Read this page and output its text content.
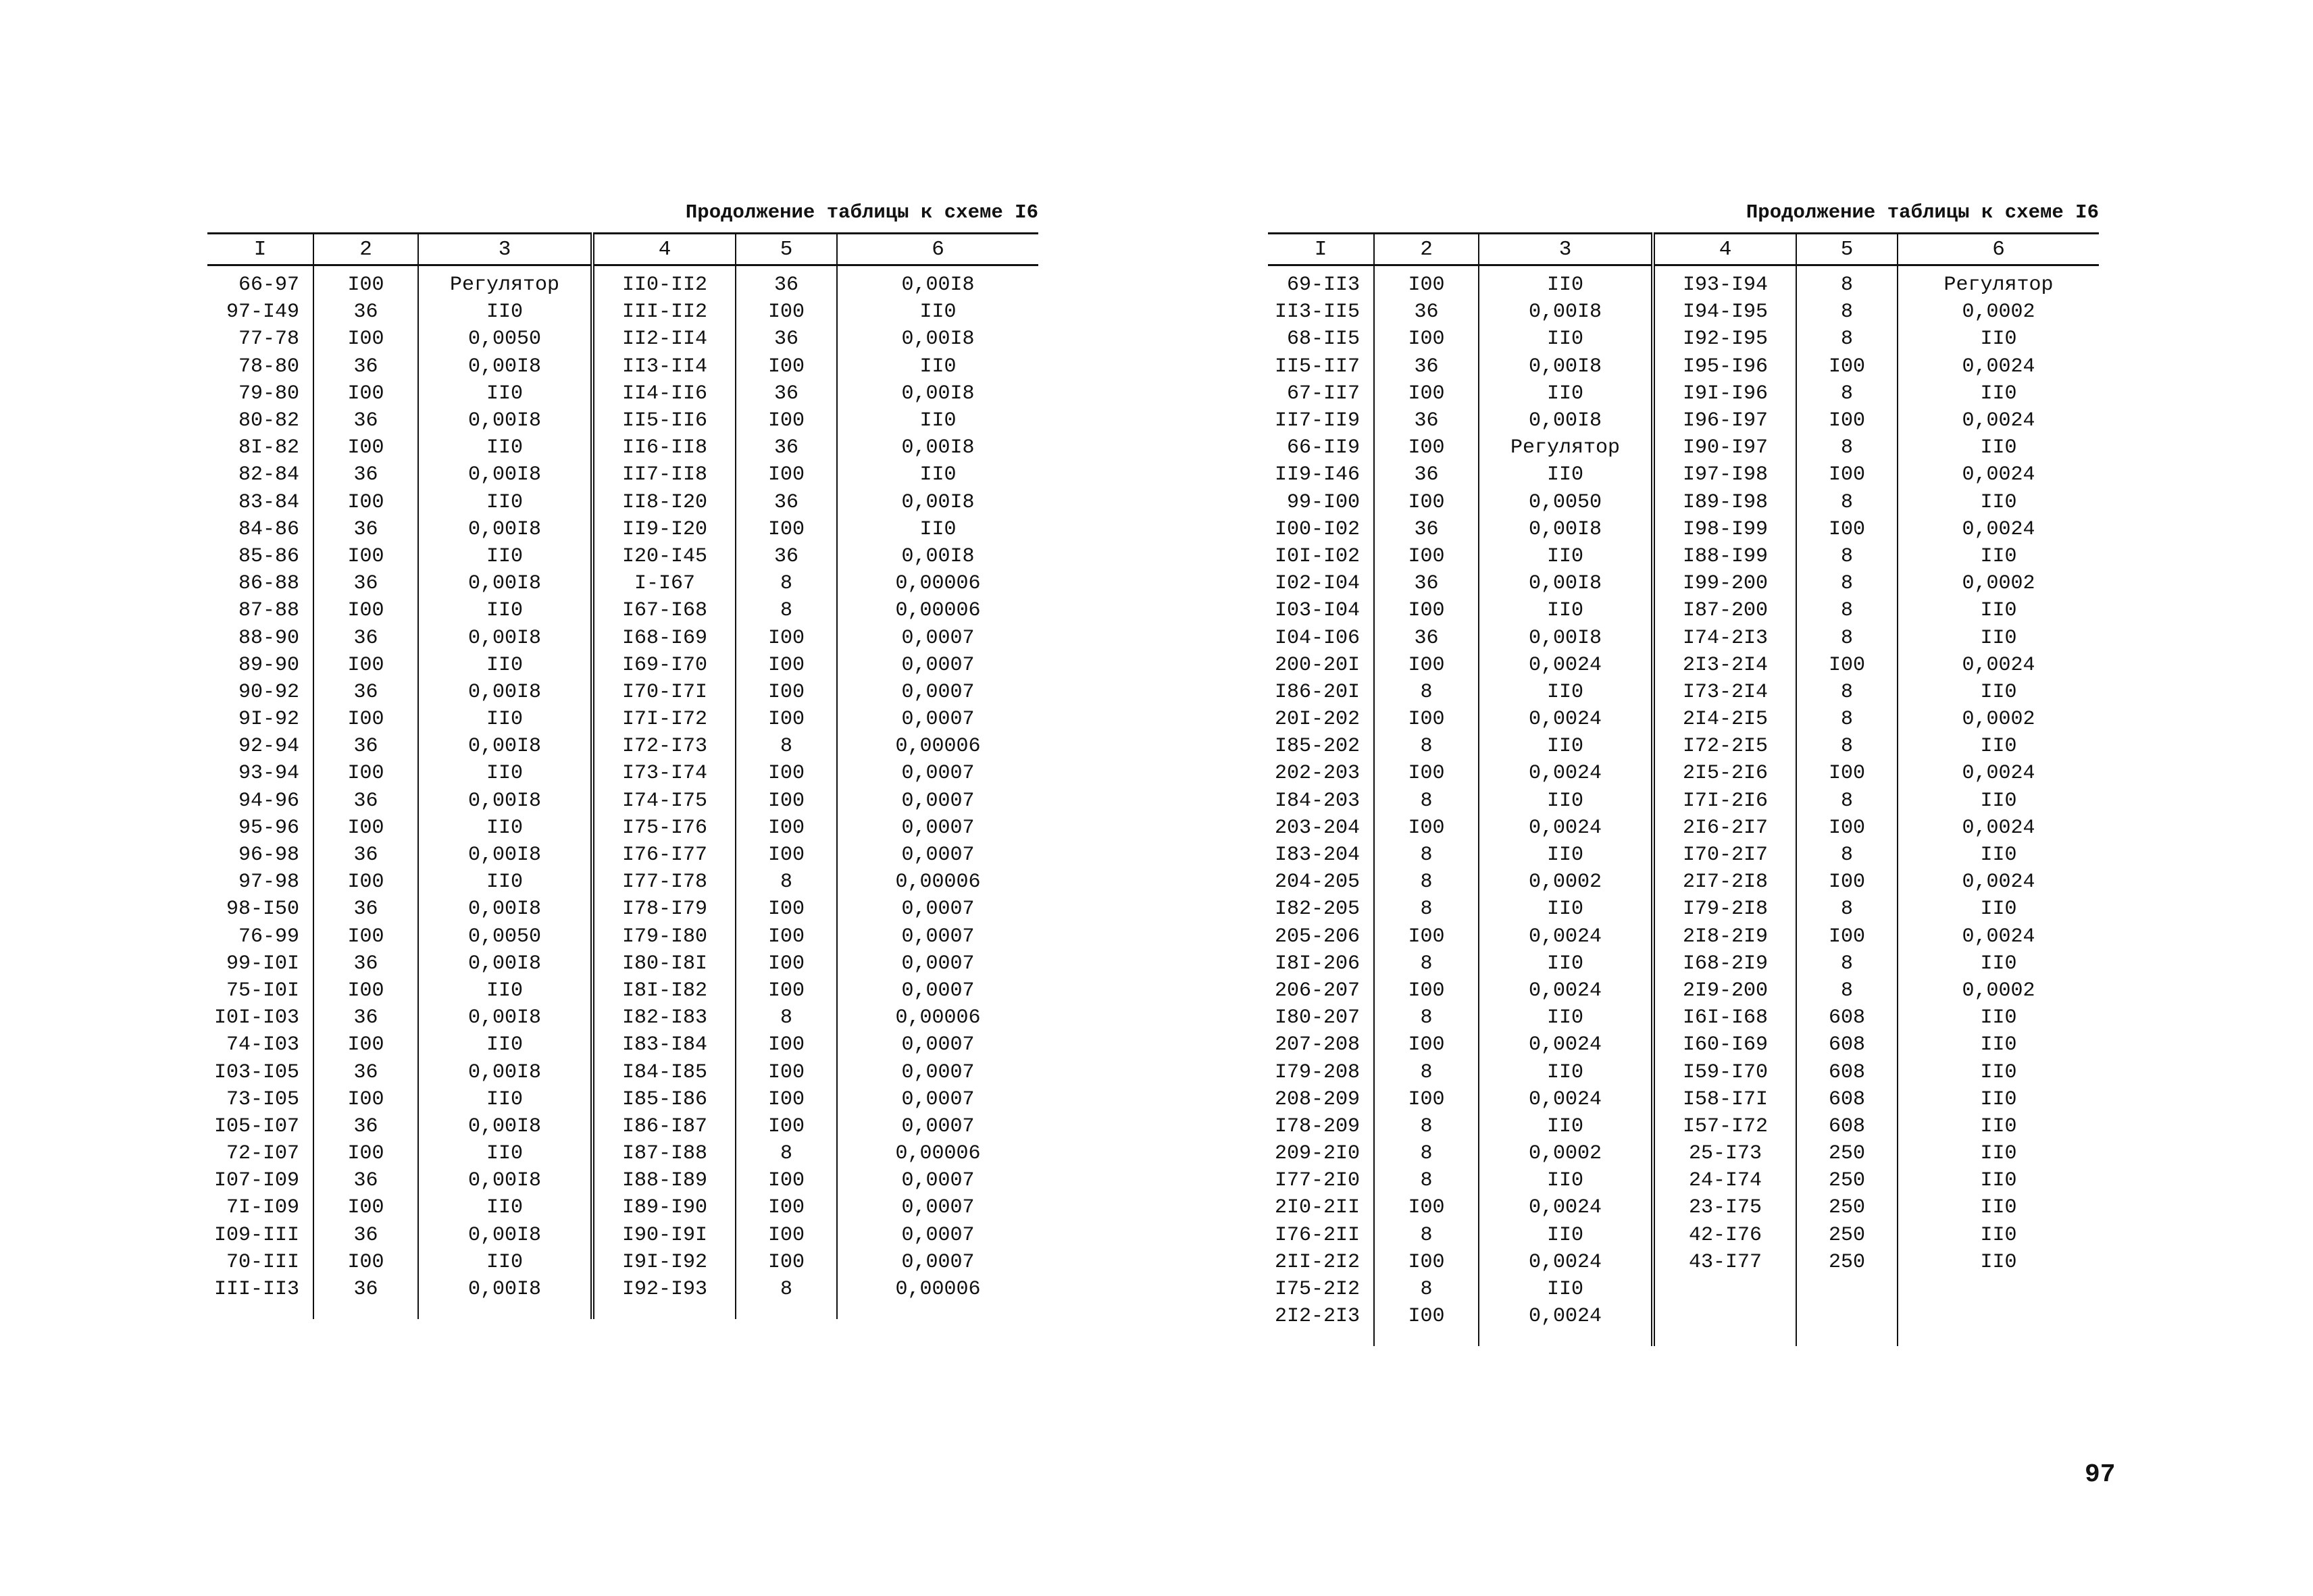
Продолжение таблицы к схеме I6
I	2	3	4	5	6
66-97	I00	Регулятор	II0-II2	36	0,00I8
97-I49	36	II0	III-II2	I00	II0
77-78	I00	0,0050	II2-II4	36	0,00I8
78-80	36	0,00I8	II3-II4	I00	II0
79-80	I00	II0	II4-II6	36	0,00I8
80-82	36	0,00I8	II5-II6	I00	II0
8I-82	I00	II0	II6-II8	36	0,00I8
82-84	36	0,00I8	II7-II8	I00	II0
83-84	I00	II0	II8-I20	36	0,00I8
84-86	36	0,00I8	II9-I20	I00	II0
85-86	I00	II0	I20-I45	36	0,00I8
86-88	36	0,00I8	I-I67	8	0,00006
87-88	I00	II0	I67-I68	8	0,00006
88-90	36	0,00I8	I68-I69	I00	0,0007
89-90	I00	II0	I69-I70	I00	0,0007
90-92	36	0,00I8	I70-I7I	I00	0,0007
9I-92	I00	II0	I7I-I72	I00	0,0007
92-94	36	0,00I8	I72-I73	8	0,00006
93-94	I00	II0	I73-I74	I00	0,0007
94-96	36	0,00I8	I74-I75	I00	0,0007
95-96	I00	II0	I75-I76	I00	0,0007
96-98	36	0,00I8	I76-I77	I00	0,0007
97-98	I00	II0	I77-I78	8	0,00006
98-I50	36	0,00I8	I78-I79	I00	0,0007
76-99	I00	0,0050	I79-I80	I00	0,0007
99-I0I	36	0,00I8	I80-I8I	I00	0,0007
75-I0I	I00	II0	I8I-I82	I00	0,0007
I0I-I03	36	0,00I8	I82-I83	8	0,00006
74-I03	I00	II0	I83-I84	I00	0,0007
I03-I05	36	0,00I8	I84-I85	I00	0,0007
73-I05	I00	II0	I85-I86	I00	0,0007
I05-I07	36	0,00I8	I86-I87	I00	0,0007
72-I07	I00	II0	I87-I88	8	0,00006
I07-I09	36	0,00I8	I88-I89	I00	0,0007
7I-I09	I00	II0	I89-I90	I00	0,0007
I09-III	36	0,00I8	I90-I9I	I00	0,0007
70-III	I00	II0	I9I-I92	I00	0,0007
III-II3	36	0,00I8	I92-I93	8	0,00006

Продолжение таблицы к схеме I6
I	2	3	4	5	6
69-II3	I00	II0	I93-I94	8	Регулятор
II3-II5	36	0,00I8	I94-I95	8	0,0002
68-II5	I00	II0	I92-I95	8	II0
II5-II7	36	0,00I8	I95-I96	I00	0,0024
67-II7	I00	II0	I9I-I96	8	II0
II7-II9	36	0,00I8	I96-I97	I00	0,0024
66-II9	I00	Регулятор	I90-I97	8	II0
II9-I46	36	II0	I97-I98	I00	0,0024
99-I00	I00	0,0050	I89-I98	8	II0
I00-I02	36	0,00I8	I98-I99	I00	0,0024
I0I-I02	I00	II0	I88-I99	8	II0
I02-I04	36	0,00I8	I99-200	8	0,0002
I03-I04	I00	II0	I87-200	8	II0
I04-I06	36	0,00I8	I74-2I3	8	II0
200-20I	I00	0,0024	2I3-2I4	I00	0,0024
I86-20I	8	II0	I73-2I4	8	II0
20I-202	I00	0,0024	2I4-2I5	8	0,0002
I85-202	8	II0	I72-2I5	8	II0
202-203	I00	0,0024	2I5-2I6	I00	0,0024
I84-203	8	II0	I7I-2I6	8	II0
203-204	I00	0,0024	2I6-2I7	I00	0,0024
I83-204	8	II0	I70-2I7	8	II0
204-205	8	0,0002	2I7-2I8	I00	0,0024
I82-205	8	II0	I79-2I8	8	II0
205-206	I00	0,0024	2I8-2I9	I00	0,0024
I8I-206	8	II0	I68-2I9	8	II0
206-207	I00	0,0024	2I9-200	8	0,0002
I80-207	8	II0	I6I-I68	608	II0
207-208	I00	0,0024	I60-I69	608	II0
I79-208	8	II0	I59-I70	608	II0
208-209	I00	0,0024	I58-I7I	608	II0
I78-209	8	II0	I57-I72	608	II0
209-2I0	8	0,0002	25-I73	250	II0
I77-2I0	8	II0	24-I74	250	II0
2I0-2II	I00	0,0024	23-I75	250	II0
I76-2II	8	II0	42-I76	250	II0
2II-2I2	I00	0,0024	43-I77	250	II0
I75-2I2	8	II0			
2I2-2I3	I00	0,0024			

97
